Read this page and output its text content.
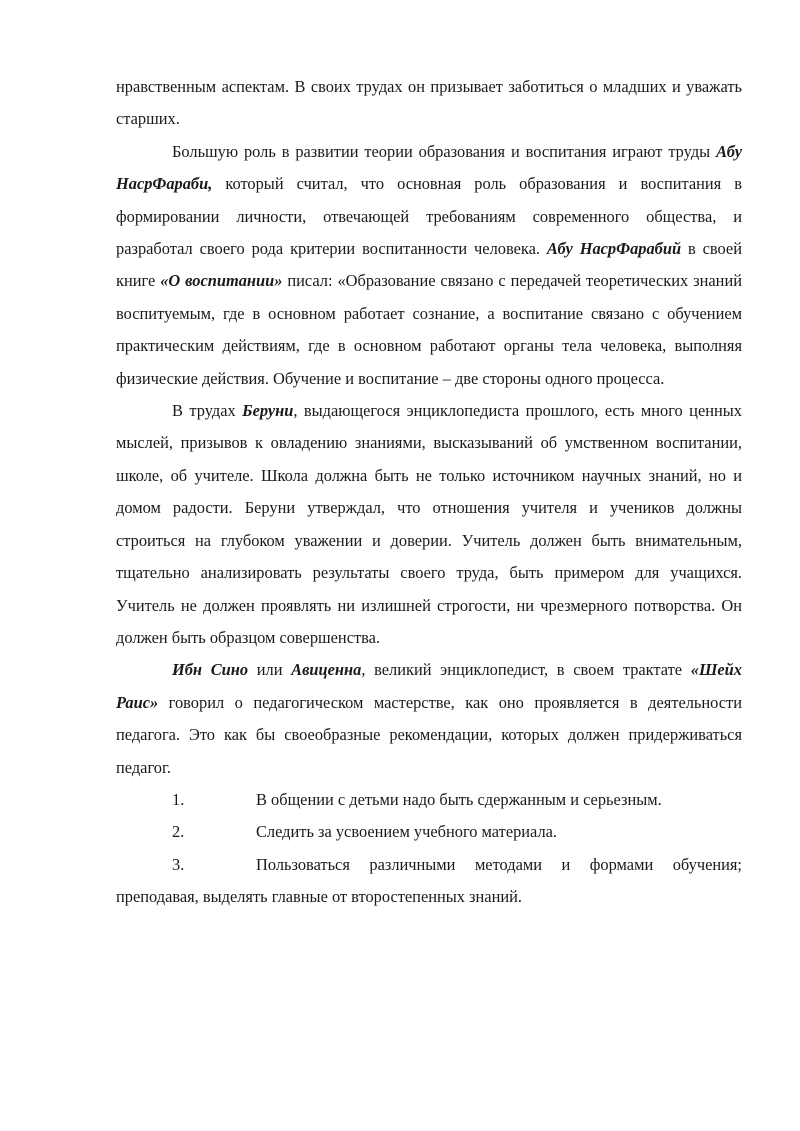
нравственным аспектам. В своих трудах он призывает заботиться о младших и уважать старших.

Большую роль в развитии теории образования и воспитания играют труды Абу НасрФараби, который считал, что основная роль образования и воспитания в формировании личности, отвечающей требованиям современного общества, и разработал своего рода критерии воспитанности человека. Абу НасрФарабий в своей книге «О воспитании» писал: «Образование связано с передачей теоретических знаний воспитуемым, где в основном работает сознание, а воспитание связано с обучением практическим действиям, где в основном работают органы тела человека, выполняя физические действия. Обучение и воспитание – две стороны одного процесса.

В трудах Беруни, выдающегося энциклопедиста прошлого, есть много ценных мыслей, призывов к овладению знаниями, высказываний об умственном воспитании, школе, об учителе. Школа должна быть не только источником научных знаний, но и домом радости. Беруни утверждал, что отношения учителя и учеников должны строиться на глубоком уважении и доверии. Учитель должен быть внимательным, тщательно анализировать результаты своего труда, быть примером для учащихся. Учитель не должен проявлять ни излишней строгости, ни чрезмерного потворства. Он должен быть образцом совершенства.

Ибн Сино или Авиценна, великий энциклопедист, в своем трактате «Шейх Раис» говорил о педагогическом мастерстве, как оно проявляется в деятельности педагога. Это как бы своеобразные рекомендации, которых должен придерживаться педагог.

1.	В общении с детьми надо быть сдержанным и серьезным.

2.	Следить за усвоением учебного материала.

3.	Пользоваться различными методами и формами обучения; преподавая, выделять главные от второстепенных знаний.
